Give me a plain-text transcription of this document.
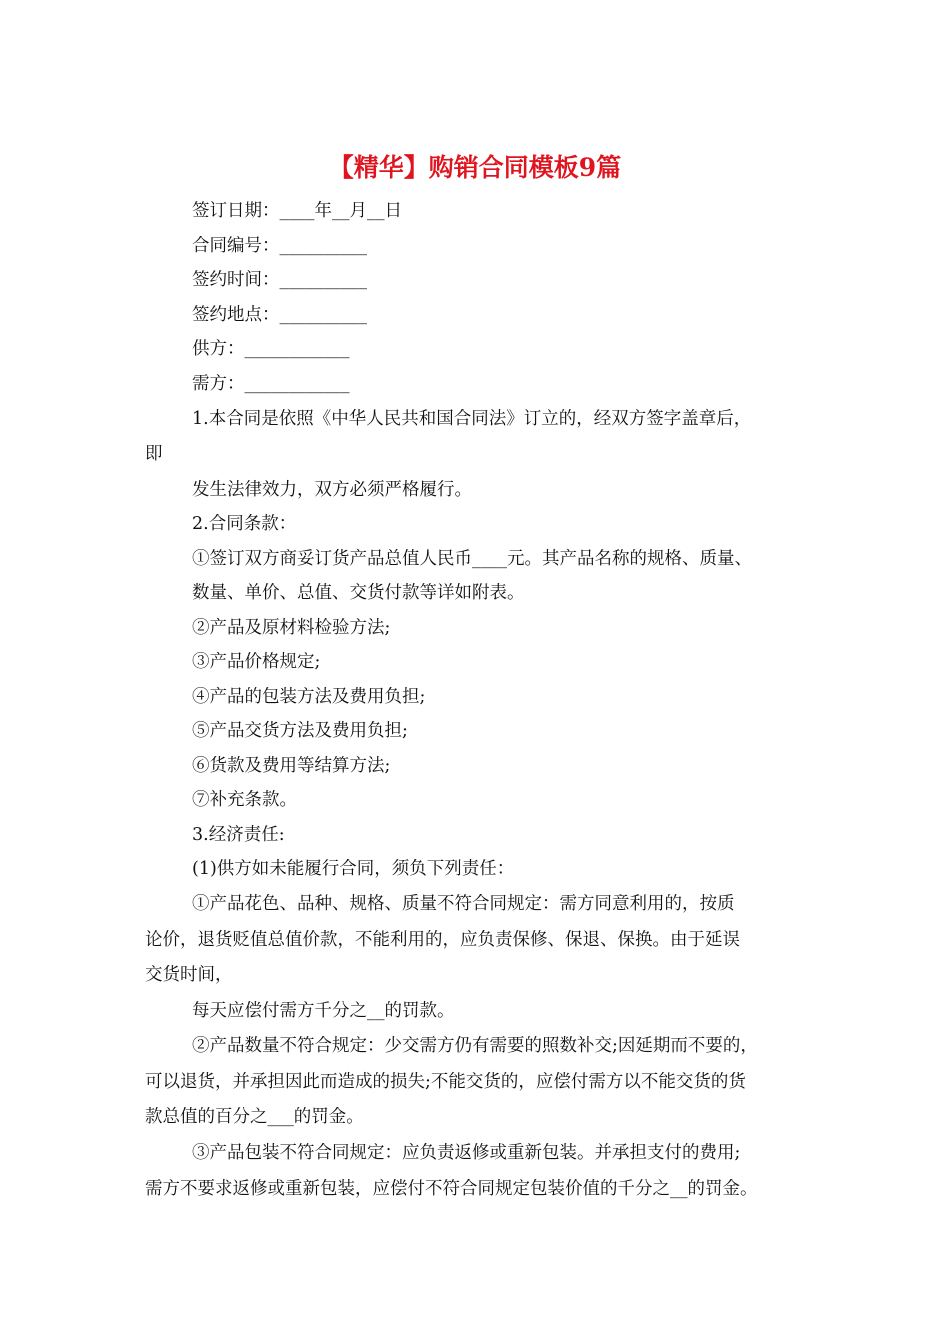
【精华】购销合同模板9篇
签订日期：____年__月__日
合同编号：__________
签约时间：__________
签约地点：__________
供方：____________
需方：____________
1.本合同是依照《中华人民共和国合同法》订立的，经双方签字盖章后，
即
发生法律效力，双方必须严格履行。
2.合同条款：
①签订双方商妥订货产品总值人民币____元。其产品名称的规格、质量、
数量、单价、总值、交货付款等详如附表。
②产品及原材料检验方法;
③产品价格规定;
④产品的包装方法及费用负担;
⑤产品交货方法及费用负担;
⑥货款及费用等结算方法;
⑦补充条款。
3.经济责任:
(1)供方如未能履行合同，须负下列责任：
①产品花色、品种、规格、质量不符合同规定：需方同意利用的，按质
论价，退货贬值总值价款，不能利用的，应负责保修、保退、保换。由于延误
交货时间，
每天应偿付需方千分之__的罚款。
②产品数量不符合规定：少交需方仍有需要的照数补交;因延期而不要的，
可以退货，并承担因此而造成的损失;不能交货的，应偿付需方以不能交货的货
款总值的百分之___的罚金。
③产品包装不符合同规定：应负责返修或重新包装。并承担支付的费用;
需方不要求返修或重新包装，应偿付不符合同规定包装价值的千分之__的罚金。
